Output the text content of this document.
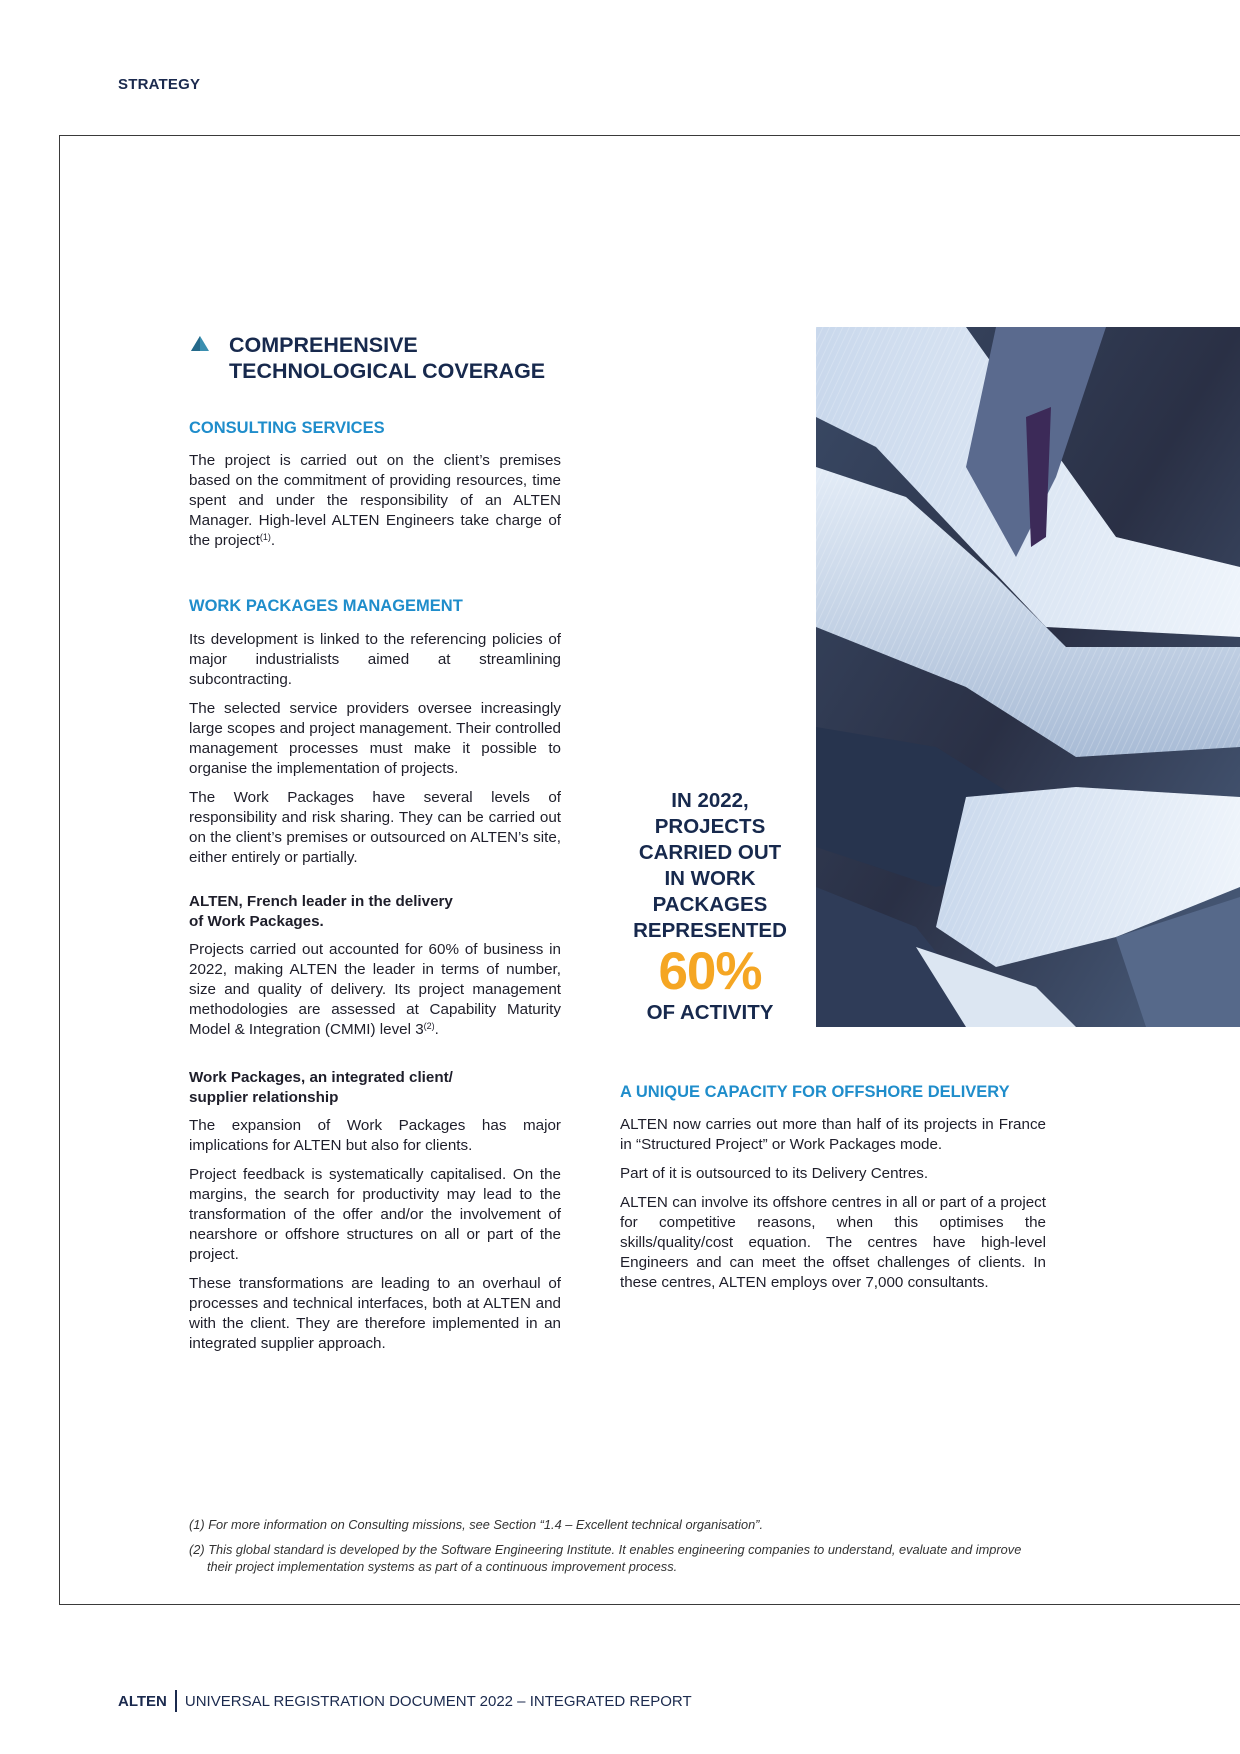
STRATEGY
COMPREHENSIVE
TECHNOLOGICAL COVERAGE
CONSULTING SERVICES

The project is carried out on the client’s premises based on the commitment of providing resources, time spent and under the responsibility of an ALTEN Manager. High-level ALTEN Engineers take charge of the project$^{(1)}$.

WORK PACKAGES MANAGEMENT

Its development is linked to the referencing policies of major industrialists aimed at streamlining subcontracting.

The selected service providers oversee increasingly large scopes and project management. Their controlled management processes must make it possible to organise the implementation of projects.

The Work Packages have several levels of responsibility and risk sharing. They can be carried out on the client’s premises or outsourced on ALTEN’s site, either entirely or partially.

ALTEN, French leader in the delivery
of Work Packages.

Projects carried out accounted for 60% of business in 2022, making ALTEN the leader in terms of number, size and quality of delivery. Its project management methodologies are assessed at Capability Maturity Model & Integration (CMMI) level 3$^{(2)}$.

Work Packages, an integrated client/
supplier relationship

The expansion of Work Packages has major implications for ALTEN but also for clients.

Project feedback is systematically capitalised. On the margins, the search for productivity may lead to the transformation of the offer and/or the involvement of nearshore or offshore structures on all or part of the project.

These transformations are leading to an overhaul of processes and technical interfaces, both at ALTEN and with the client. They are therefore implemented in an integrated supplier approach.

IN 2022,
PROJECTS
CARRIED OUT
IN WORK
PACKAGES
REPRESENTED
60%
OF ACTIVITY
A UNIQUE CAPACITY FOR OFFSHORE DELIVERY

ALTEN now carries out more than half of its projects in France in “Structured Project” or Work Packages mode.

Part of it is outsourced to its Delivery Centres.

ALTEN can involve its offshore centres in all or part of a project for competitive reasons, when this optimises the skills/quality/cost equation. The centres have high-level Engineers and can meet the offset challenges of clients. In these centres, ALTEN employs over 7,000 consultants.

(1) For more information on Consulting missions, see Section “1.4 – Excellent technical organisation”.

(2) This global standard is developed by the Software Engineering Institute. It enables engineering companies to understand, evaluate and improve their project implementation systems as part of a continuous improvement process.

ALTEN UNIVERSAL REGISTRATION DOCUMENT 2022 – INTEGRATED REPORT
